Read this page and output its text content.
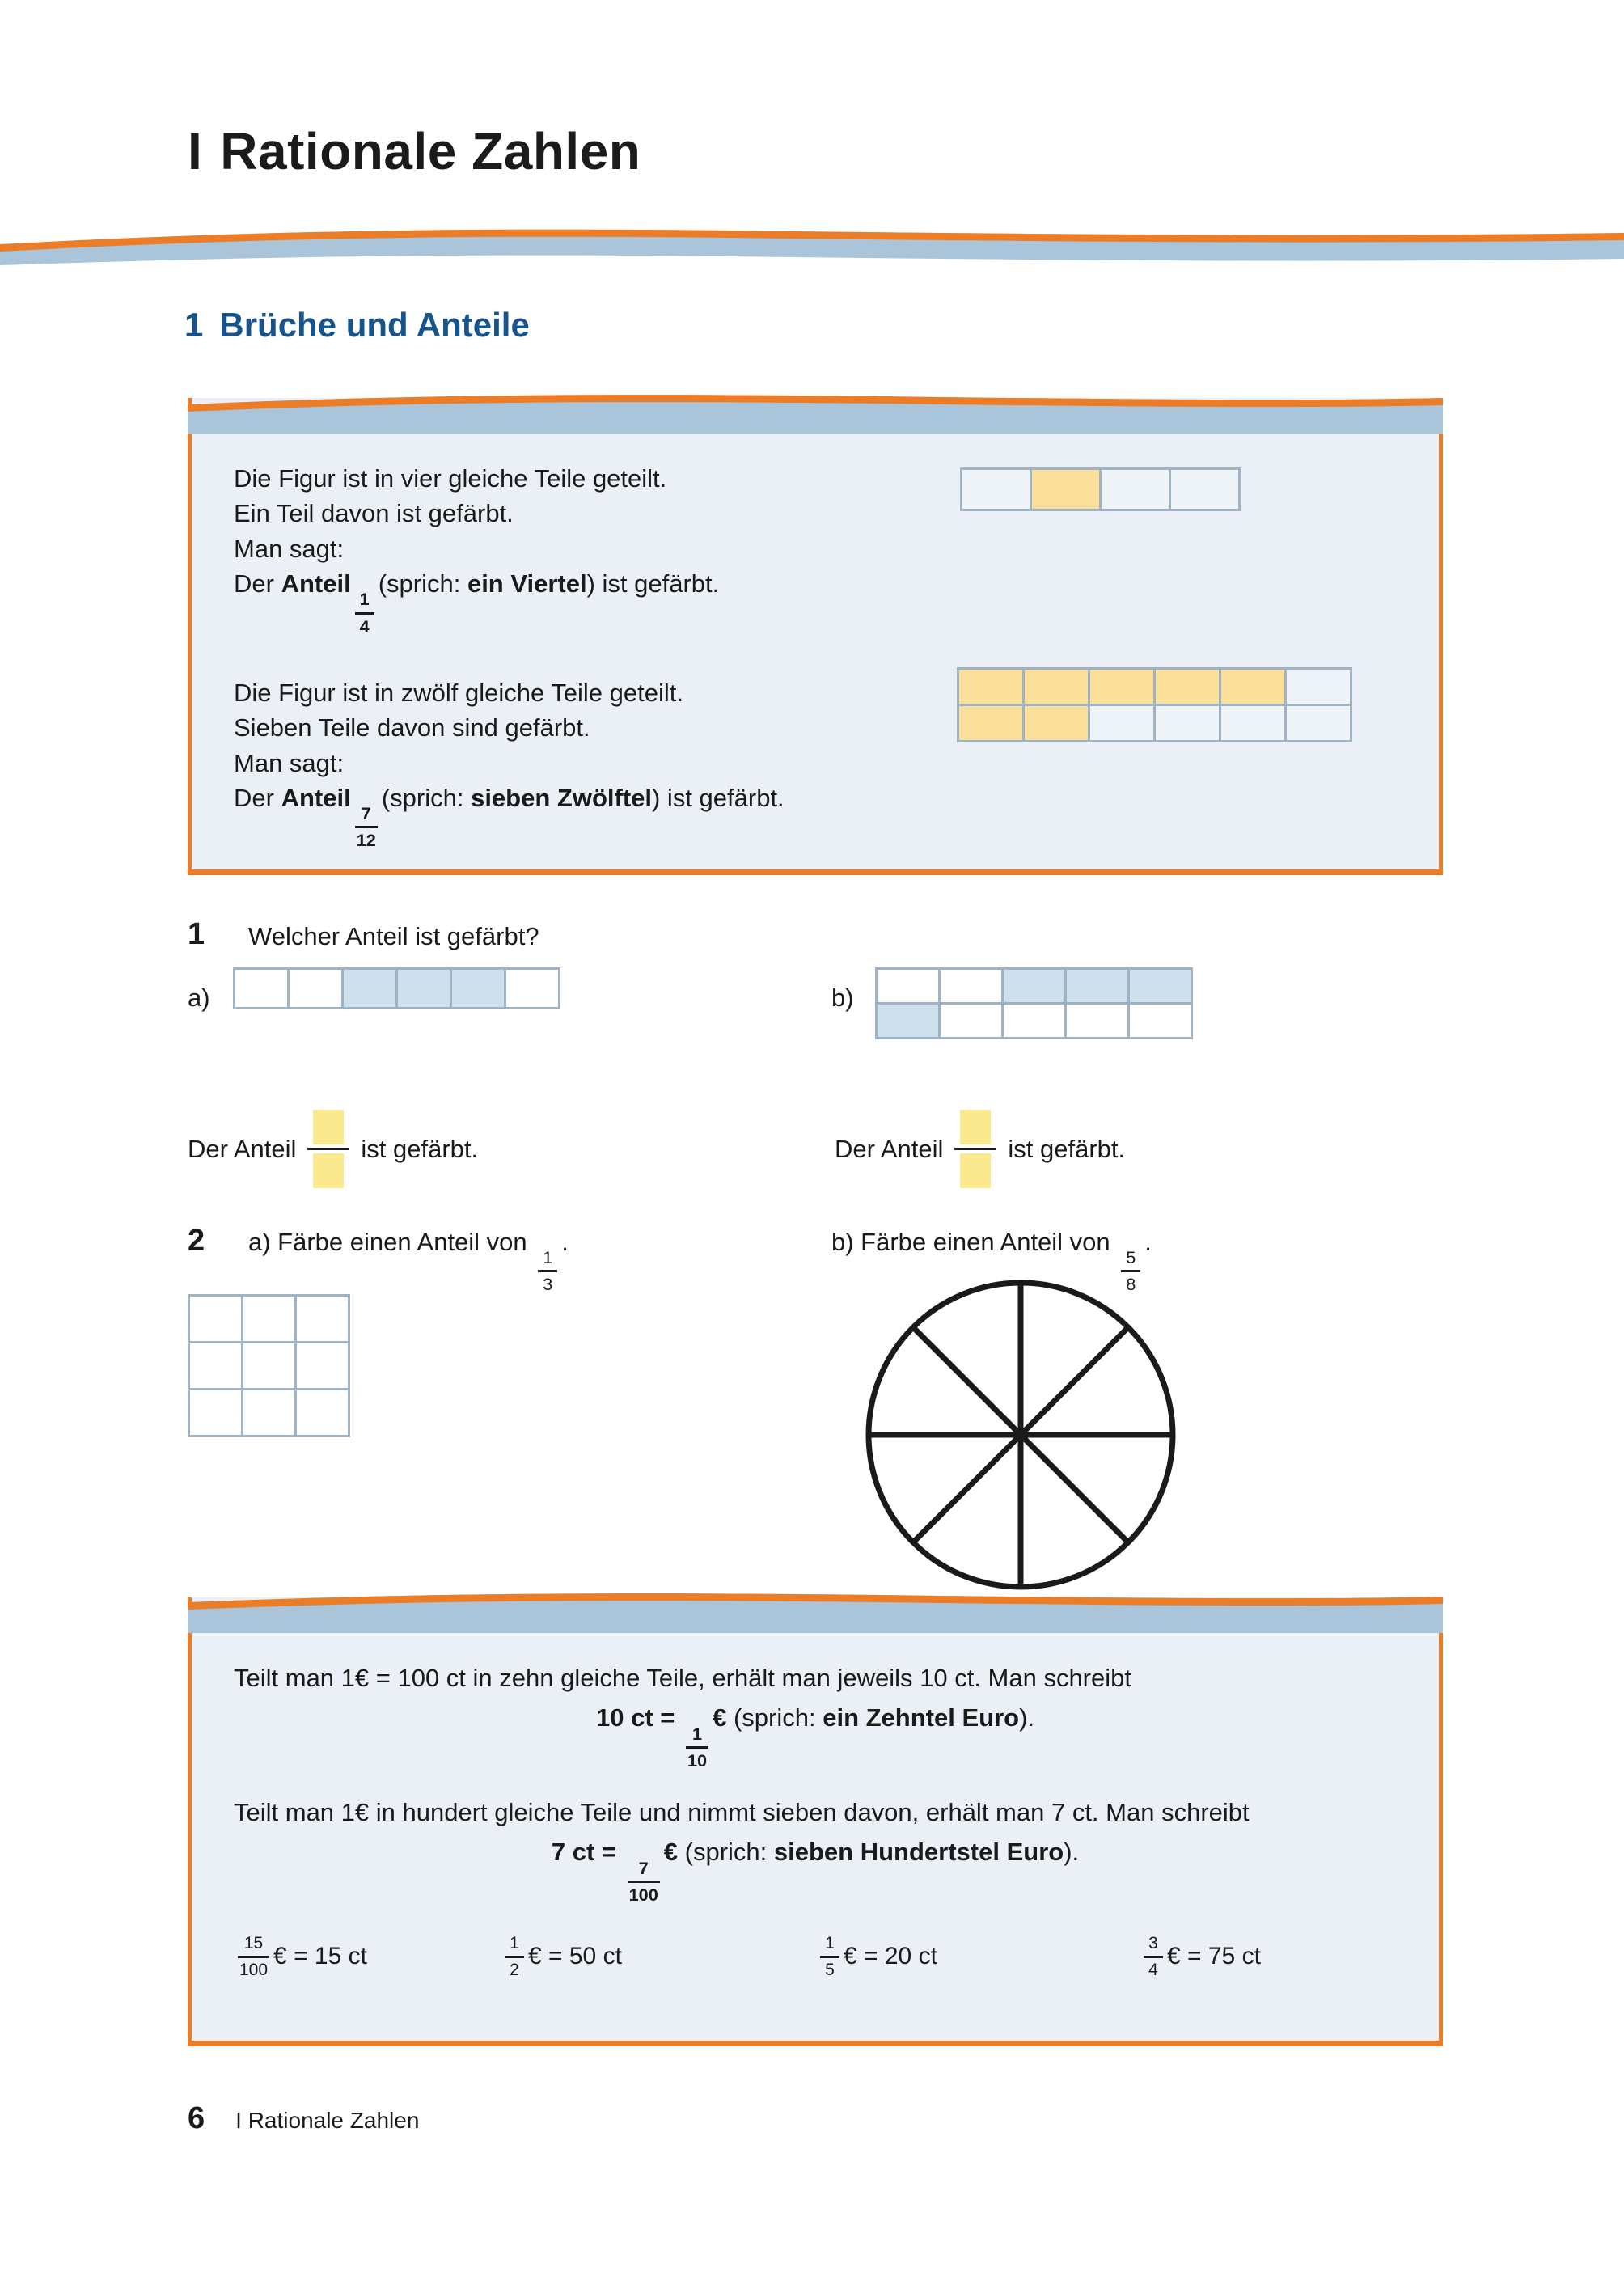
I Rationale Zahlen
1 Brüche und Anteile

Die Figur ist in vier gleiche Teile geteilt.

Ein Teil davon ist gefärbt.

Man sagt:

Der Anteil
$\frac{1}{4}$
(sprich: ein Viertel) ist gefärbt.

Die Figur ist in zwölf gleiche Teile geteilt.

Sieben Teile davon sind gefärbt.

Man sagt:

Der Anteil
$\frac{7}{12}$
(sprich: sieben Zwölftel) ist gefärbt.

1 Welcher Anteil ist gefärbt?
a)	b)
Der Anteil	ist gefärbt.	Der Anteil	ist gefärbt.
2 a) Färbe einen Anteil von
$\frac{1}{3}$
.	b) Färbe einen Anteil von
$\frac{5}{8}$
.

Teilt man 1€ = 100 ct in zehn gleiche Teile, erhält man jeweils 10 ct. Man schreibt

10 ct =
$\frac{1}{10}$
€ (sprich: ein Zehntel Euro).

Teilt man 1€ in hundert gleiche Teile und nimmt sieben davon, erhält man 7 ct. Man schreibt

7 ct =
$\frac{7}{100}$
€ (sprich: sieben Hundertstel Euro).
$\frac{15}{100}$ € = 15 ct	$\frac{1}{2}$ € = 50 ct	$\frac{1}{5}$ € = 20 ct	$\frac{3}{4}$ € = 75 ct
6 I Rationale Zahlen
